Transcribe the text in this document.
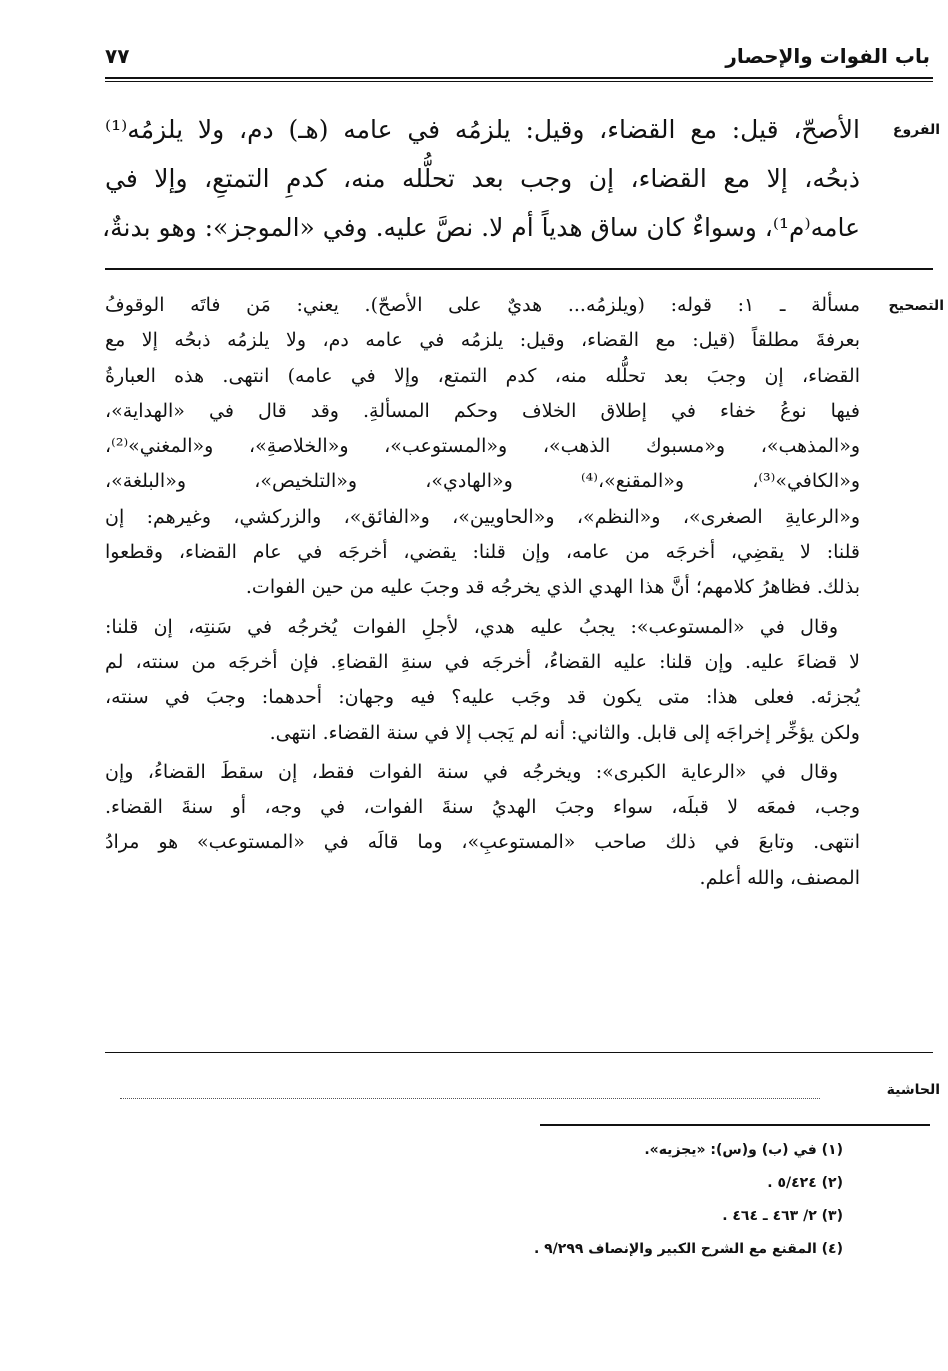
باب الفوات والإحصار
٧٧
الفروع
الأصحّ، قيل: مع القضاء، وقيل: يلزمُه في عامه (هـ) دم، ولا يلزمُه⁽¹⁾
ذبحُه، إلا مع القضاء، إن وجب بعد تحلُّله منه، كدمِ التمتعِ، وإلا في
عامه⁽م¹⁾، وسواءٌ كان ساق هدياً أم لا. نصَّ عليه. وفي «الموجز»: وهو بدنةٌ،
التصحيح
مسألة ـ ١: قوله: (ويلزمُه... هديٌ على الأصحّ). يعني: مَن فاتَه الوقوفُ
بعرفةَ مطلقاً (قيل: مع القضاء، وقيل: يلزمُه في عامه دم، ولا يلزمُه ذبحُه إلا مع
القضاء، إن وجبَ بعد تحلُّله منه، كدم التمتع، وإلا في عامه) انتهى. هذه العبارةُ
فيها نوعُ خفاء في إطلاق الخلاف وحكم المسألةِ. وقد قال في «الهداية»،
و«المذهب»، و«مسبوك الذهب»، و«المستوعب»، و«الخلاصةِ»، و«المغني»⁽²⁾،
و«الكافي»⁽³⁾، و«المقنع»،⁽⁴⁾ و«الهادي»، و«التلخيص»، و«البلغة»،
و«الرعايةِ الصغرى»، و«النظم»، و«الحاويين»، و«الفائق»، والزركشي، وغيرهم: إن
قلنا: لا يقضِي، أخرجَه من عامه، وإن قلنا: يقضي، أخرجَه في عام القضاء، وقطعوا
بذلك. فظاهرُ كلامهم؛ أنَّ هذا الهدي الذي يخرجُه قد وجبَ عليه من حين الفوات.
وقال في «المستوعب»: يجبُ عليه هدي، لأجلِ الفوات يُخرجُه في سَنتِه، إن قلنا:
لا قضاءَ عليه. وإن قلنا: عليه القضاءُ، أخرجَه في سنةِ القضاءِ. فإن أخرجَه من سنته، لم
يُجزئه. فعلى هذا: متى يكون قد وجَب عليه؟ فيه وجهان: أحدهما: وجبَ في سنته،
ولكن يؤخِّر إخراجَه إلى قابل. والثاني: أنه لم يَجب إلا في سنة القضاء. انتهى.
وقال في «الرعاية الكبرى»: ويخرجُه في سنة الفوات فقط، إن سقطَ القضاءُ، وإن
وجب، فمعَه لا قبلَه، سواء وجبَ الهديُ سنةَ الفوات، في وجه، أو سنةَ القضاء.
انتهى. وتابعَ في ذلك صاحب «المستوعبِ»، وما قالَه في «المستوعب» هو مرادُ
المصنف، والله أعلم.
الحاشية
(١) في (ب) و(س): «يجزيه».
(٢) ٥/٤٢٤ .
(٣) ٢/ ٤٦٣ ـ ٤٦٤ .
(٤) المقنع مع الشرح الكبير والإنصاف ٩/٢٩٩ .
